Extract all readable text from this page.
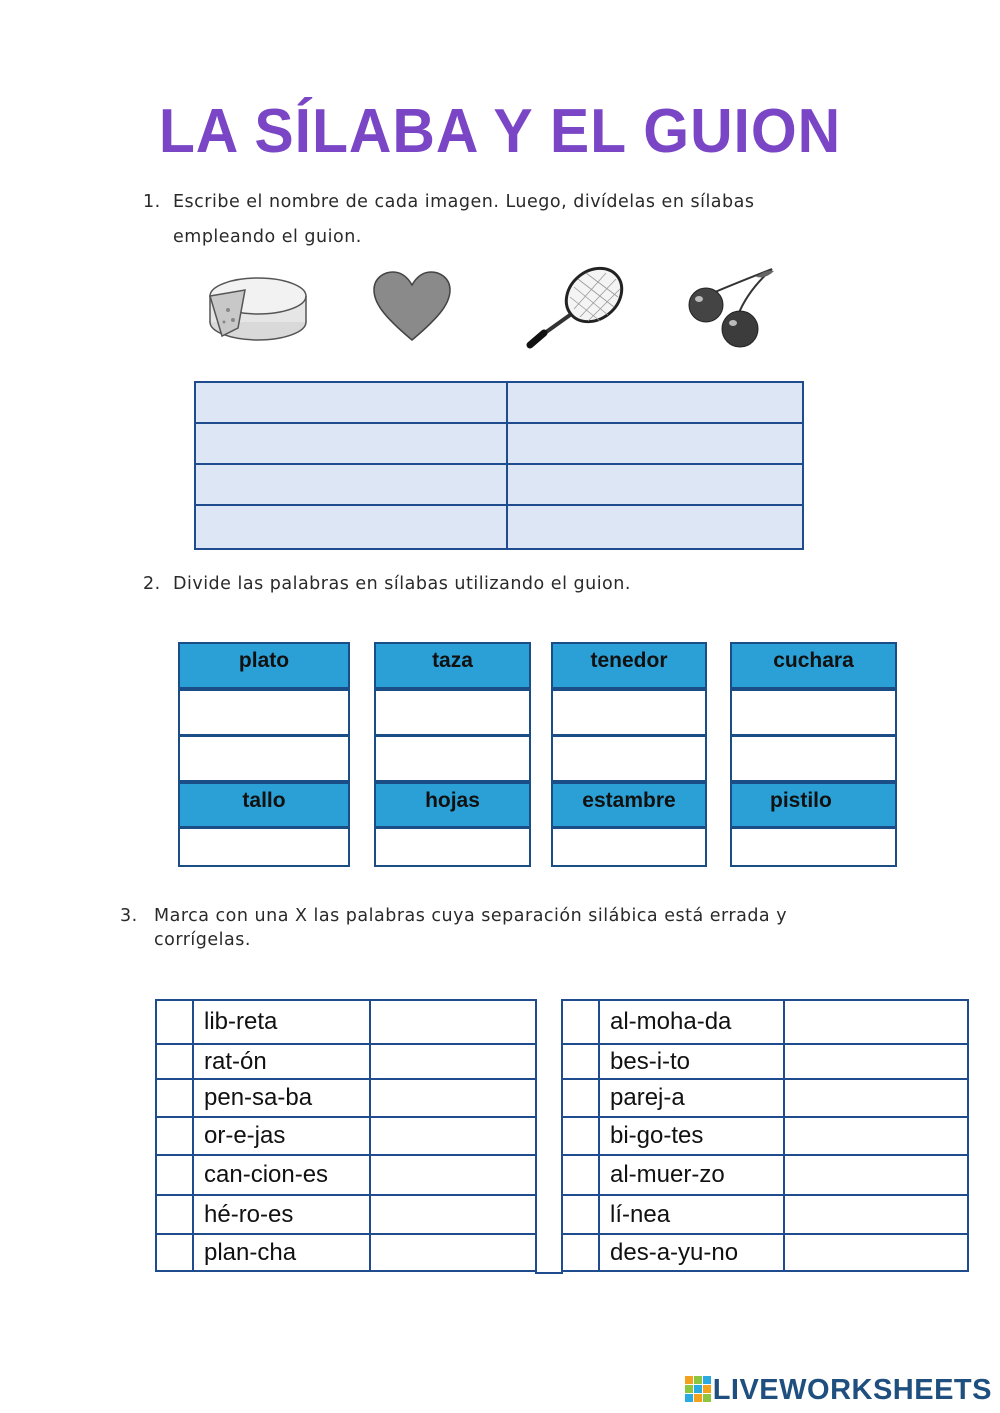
LA SÍLABA Y EL GUION
1. Escribe el nombre de cada imagen. Luego, divídelas en sílabas
empleando el guion.
2. Divide las palabras en sílabas utilizando el guion.
plato
tallo
taza
hojas
tenedor
estambre
cuchara
pistilo
3. Marca con una X las palabras cuya separación silábica está errada y
corrígelas.
	lib-reta	
	rat-ón	
	pen-sa-ba	
	or-e-jas	
	can-cion-es	
	hé-ro-es	
	plan-cha	
	al-moha-da	
	bes-i-to	
	parej-a	
	bi-go-tes	
	al-muer-zo	
	lí-nea	
	des-a-yu-no	
LIVEWORKSHEETS
